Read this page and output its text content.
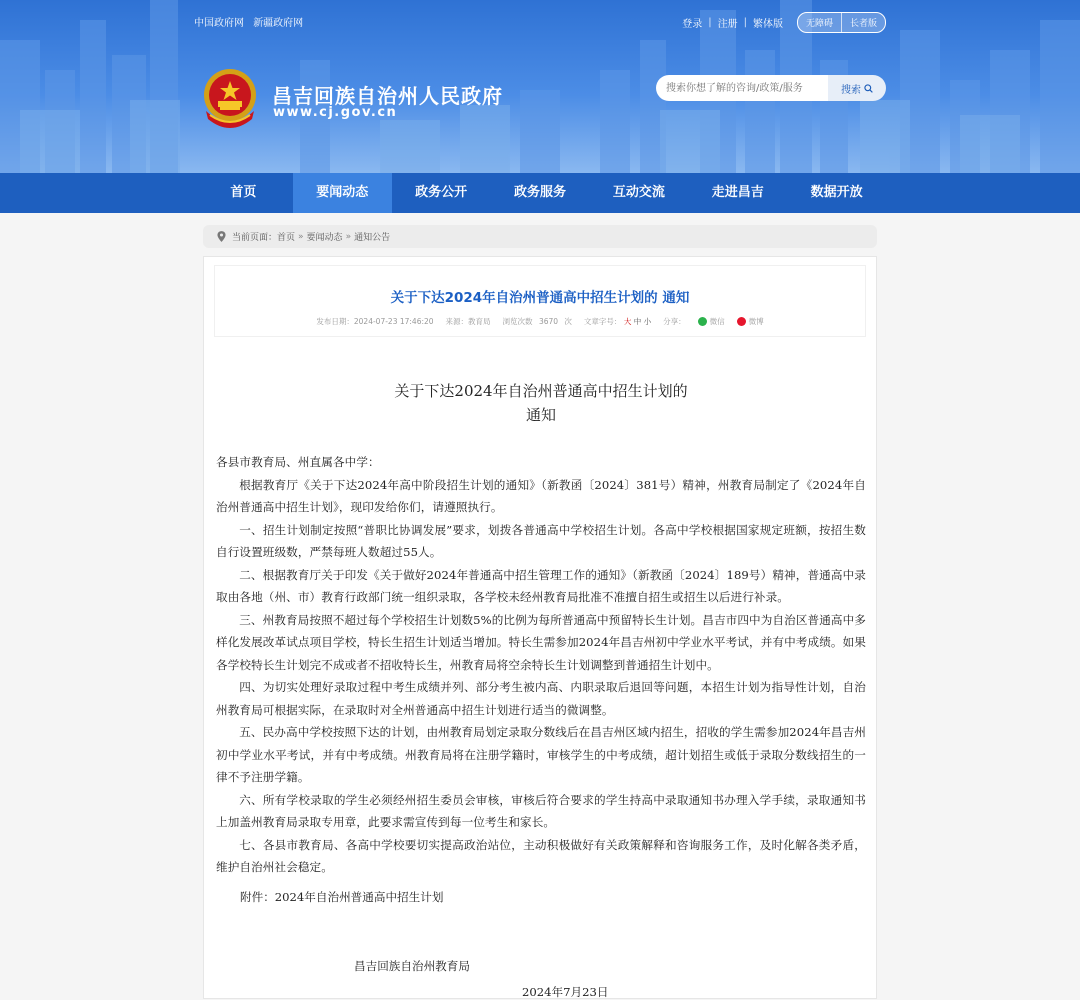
中国政府网 新疆政府网	登录 | 注册 | 繁体版	无障碍	长者版
昌吉回族自治州人民政府
www.cj.gov.cn
搜索你想了解的咨询/政策/服务
搜索
首页	要闻动态	政务公开	政务服务	互动交流	走进昌吉	数据开放
当前页面： 首页 » 要闻动态 » 通知公告
关于下达2024年自治州普通高中招生计划的 通知
发布日期：2024-07-23 17:46:20 来源：教育局 浏览次数 3670 次 文章字号： 大 中 小 分享：	微信	微博
关于下达2024年自治州普通高中招生计划的
通知

各县市教育局、州直属各中学：

根据教育厅《关于下达2024年高中阶段招生计划的通知》（新教函〔2024〕381号）精神，州教育局制定了《2024年自治州普通高中招生计划》，现印发给你们，请遵照执行。

一、招生计划制定按照“普职比协调发展”要求，划拨各普通高中学校招生计划。各高中学校根据国家规定班额，按招生数自行设置班级数，严禁每班人数超过55人。

二、根据教育厅关于印发《关于做好2024年普通高中招生管理工作的通知》（新教函〔2024〕189号）精神，普通高中录取由各地（州、市）教育行政部门统一组织录取，各学校未经州教育局批准不准擅自招生或招生以后进行补录。

三、州教育局按照不超过每个学校招生计划数5%的比例为每所普通高中预留特长生计划。昌吉市四中为自治区普通高中多样化发展改革试点项目学校，特长生招生计划适当增加。特长生需参加2024年昌吉州初中学业水平考试，并有中考成绩。如果各学校特长生计划完不成或者不招收特长生，州教育局将空余特长生计划调整到普通招生计划中。

四、为切实处理好录取过程中考生成绩并列、部分考生被内高、内职录取后退回等问题，本招生计划为指导性计划，自治州教育局可根据实际，在录取时对全州普通高中招生计划进行适当的微调整。

五、民办高中学校按照下达的计划，由州教育局划定录取分数线后在昌吉州区域内招生，招收的学生需参加2024年昌吉州初中学业水平考试，并有中考成绩。州教育局将在注册学籍时，审核学生的中考成绩，超计划招生或低于录取分数线招生的一律不予注册学籍。

六、所有学校录取的学生必须经州招生委员会审核，审核后符合要求的学生持高中录取通知书办理入学手续，录取通知书上加盖州教育局录取专用章，此要求需宣传到每一位考生和家长。

七、各县市教育局、各高中学校要切实提高政治站位，主动积极做好有关政策解释和咨询服务工作，及时化解各类矛盾，维护自治州社会稳定。

附件：2024年自治州普通高中招生计划
昌吉回族自治州教育局
2024年7月23日
